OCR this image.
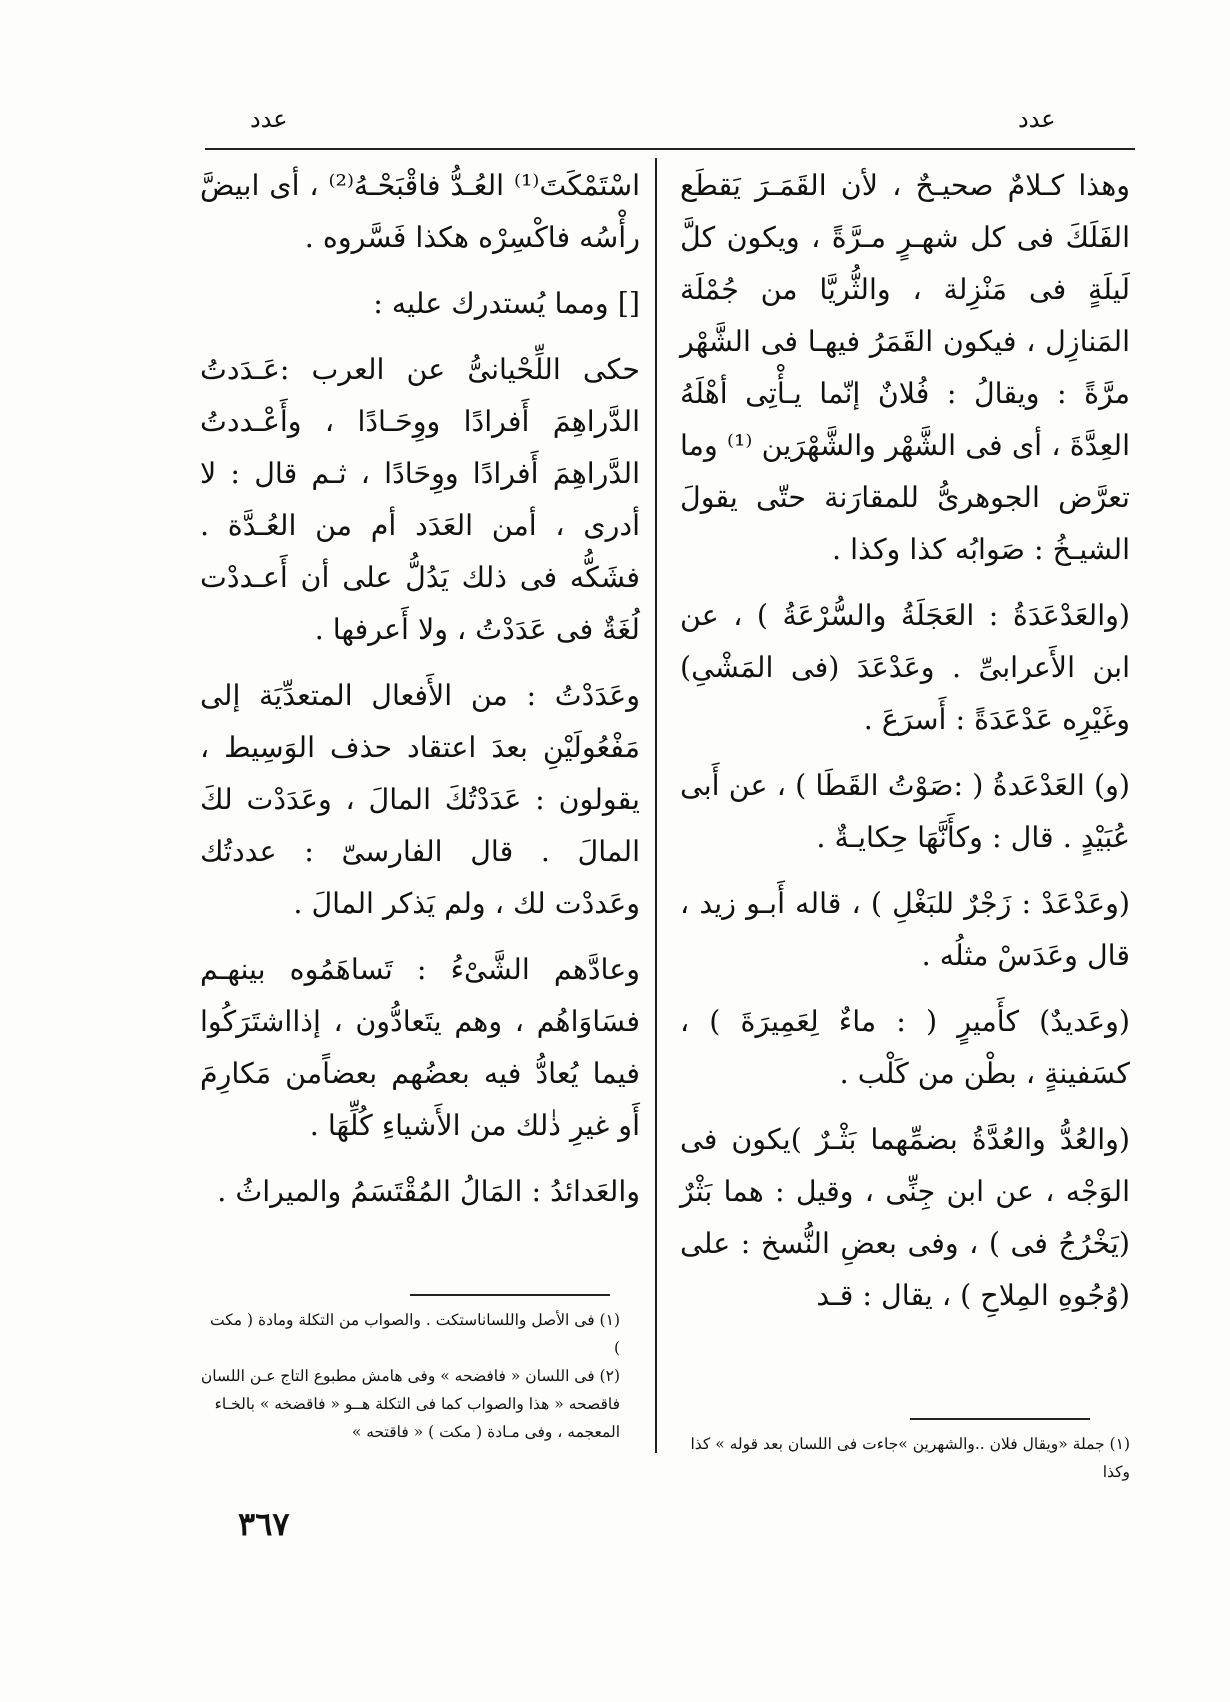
عدد
عدد

وهذا كـلامٌ صحيـحٌ ، لأن القَمَـرَ يَقطَع الفَلَكَ فى كل شهـرٍ مـرَّةً ، ويكون كلَّ لَيلَةٍ فى مَنْزِلة ، والثُّريَّا من جُمْلَة المَنازِل ، فيكون القَمَرُ فيهـا فى الشَّهْر مرَّةً : ويقالُ : فُلانٌ إنّما يـأْتِى أهْلَهُ العِدَّةَ ، أى فى الشَّهْر والشَّهْرَين ⁽¹⁾ وما تعرَّض الجوهرىُّ للمقارَنة حتّى يقولَ الشيـخُ : صَوابُه كذا وكذا .

(والعَدْعَدَةُ : العَجَلَةُ والسُّرْعَةُ ) ، عن ابن الأَعرابىِّ . وعَدْعَدَ (فى المَشْىِ) وغَيْرِه عَدْعَدَةً : أَسرَعَ .

(و) العَدْعَدةُ ( :صَوْتُ القَطَا ) ، عن أَبى عُبَيْدٍ . قال : وكأَنَّهَا حِكايـةٌ .

(وعَدْعَدْ : زَجْرٌ للبَغْلِ ) ، قاله أَبـو زيد ، قال وعَدَسْ مثلُه .

(وعَديدٌ) كأَميرٍ ( : ماءٌ لِعَمِيرَةَ ) ، كسَفينةٍ ، بطْن من كَلْب .

(والعُدُّ والعُدَّةُ بضمِّهما بَثْـرٌ )يكون فى الوَجْه ، عن ابن جِنِّى ، وقيل : هما بَثْرٌ (يَخْرُجُ فى ) ، وفى بعضِ النُّسخ : على (وُجُوهِ المِلاحِ ) ، يقال : قـد

اسْتَمْكَتَ⁽¹⁾ العُـدُّ فاقْبَحْـهُ⁽²⁾ ، أى ابيضَّ رأْسُه فاكْسِرْه هكذا فَسَّروه .

[] ومما يُستدرك عليه :

حكى اللِّحْيانىُّ عن العرب :عَـدَدتُ الدَّراهِمَ أَفرادًا ووِحَـادًا ، وأَعْـددتُ الدَّراهِمَ أَفرادًا ووِحَادًا ، ثـم قال : لا أدرى ، أمن العَدَد أم من العُـدَّة . فشَكُّه فى ذلك يَدُلُّ على أن أَعـددْت لُغَةٌ فى عَدَدْتُ ، ولا أَعرفها .

وعَدَدْتُ : من الأَفعال المتعدِّيَة إلى مَفْعُولَيْنِ بعدَ اعتقاد حذف الوَسِيط ، يقولون : عَدَدْتُكَ المالَ ، وعَدَدْت لكَ المالَ . قال الفارسىّ : عددتُك وعَددْت لك ، ولم يَذكر المالَ .

وعادَّهم الشَّىْءُ : تَساهَمُوه بينهـم فسَاوَاهُم ، وهم يتَعادُّون ، إذااشتَرَكُوا فيما يُعادُّ فيه بعضُهم بعضاًمن مَكارِمَ أَو غيرِ ذٰلك من الأَشياءِ كُلِّهَا .

والعَدائدُ : المَالُ المُقْتَسَمُ والميراثُ .

(١) جملة «ويقال فلان ..والشهرين »جاءت فى اللسان بعد قوله » كذا وكذا
(١) فى الأصل واللساناستكت . والصواب من التكلة ومادة ( مكت )
(٢) فى اللسان « فافضحه » وفى هامش مطبوع التاج عـن اللسان فاقصحه « هذا والصواب كما فى التكلة هــو « فاقضخه » بالخـاء المعجمه ، وفى مـادة ( مكت ) « فاقتحه »
٣٦٧
